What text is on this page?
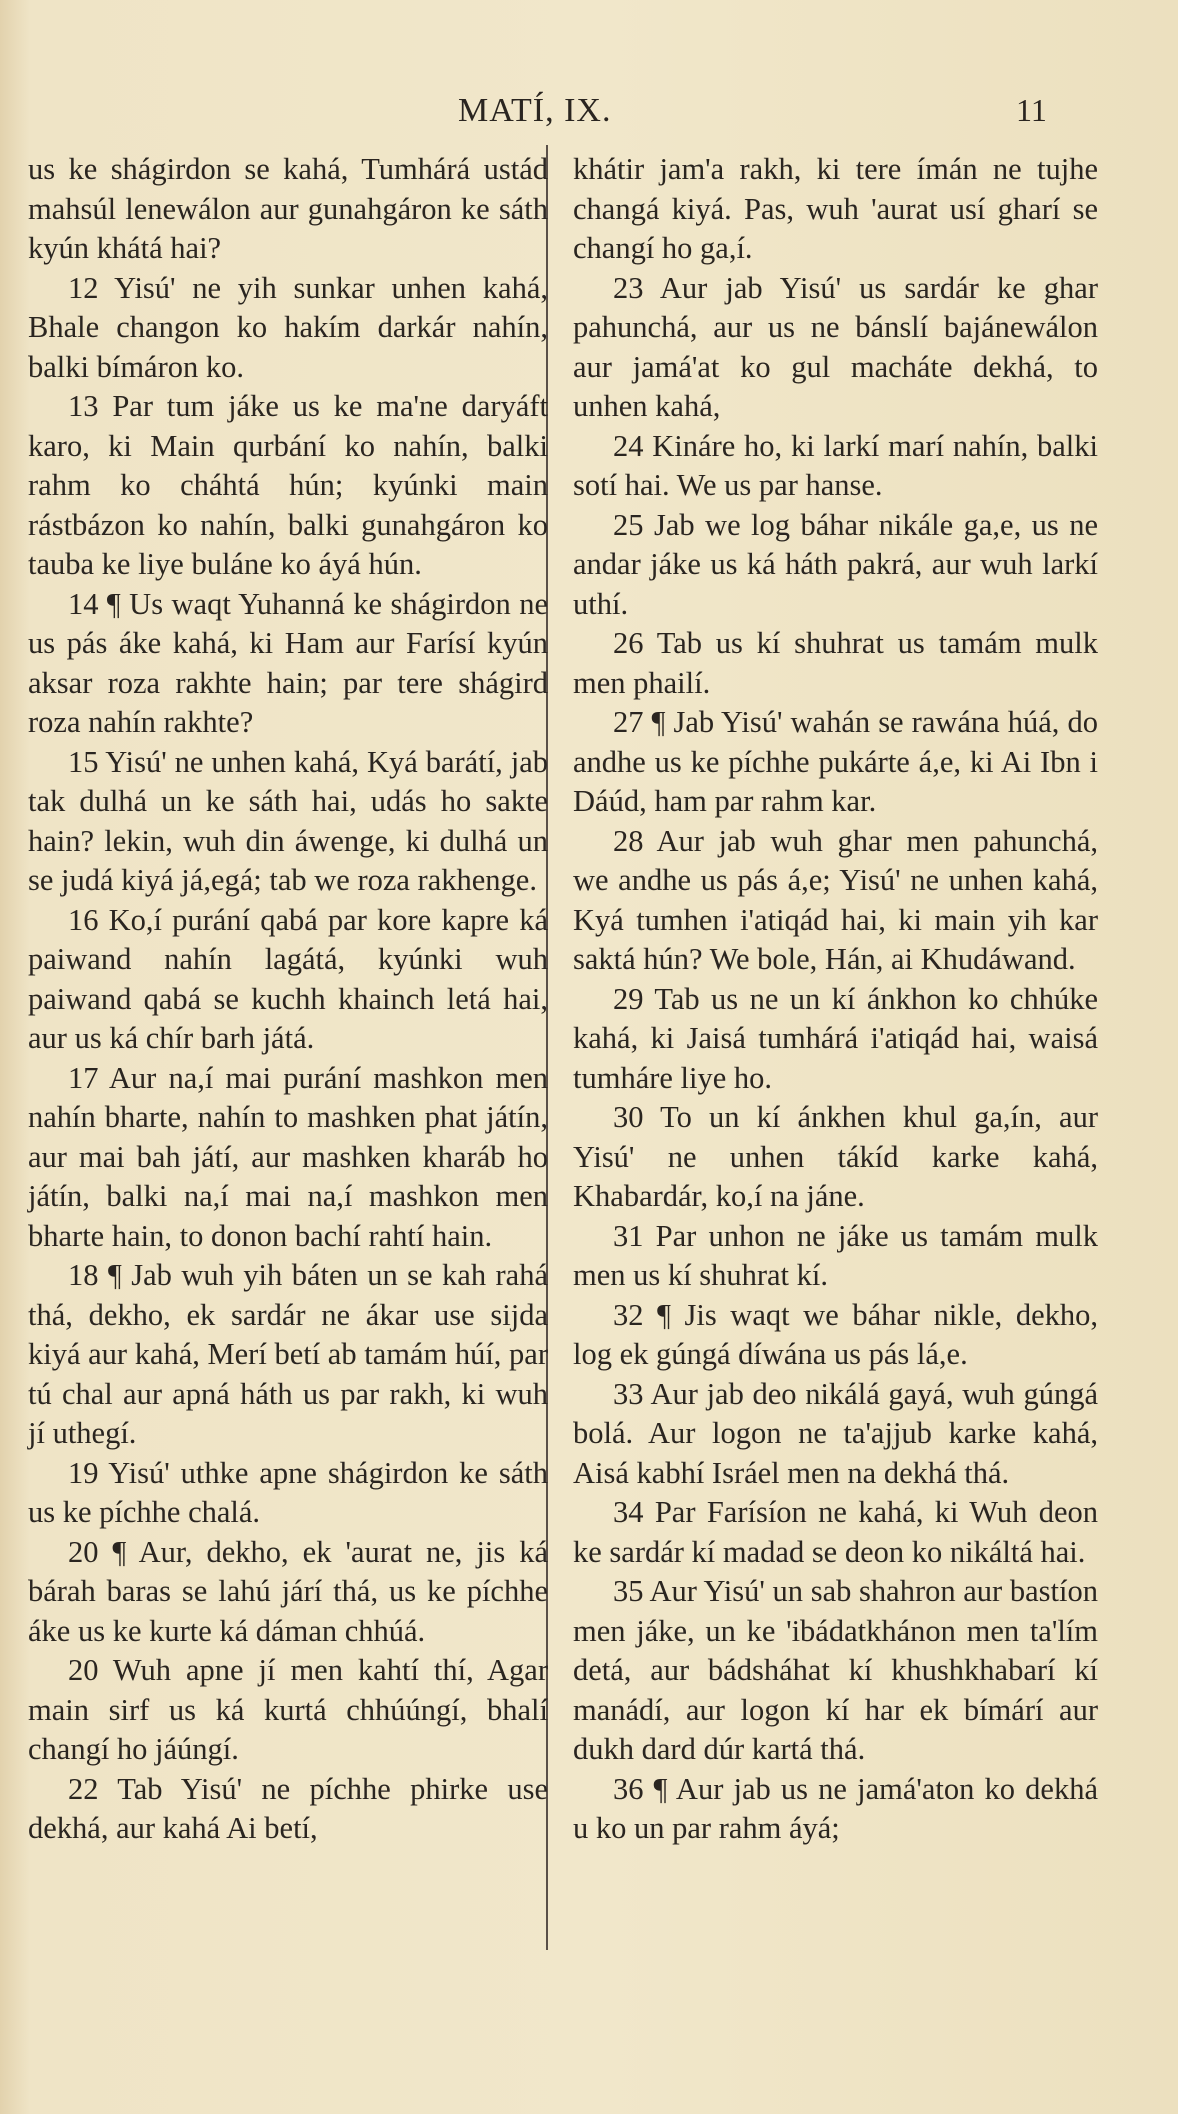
MATÍ, IX.	11

us ke shágirdon se kahá, Tumhárá ustád mahsúl lenewálon aur gunahgáron ke sáth kyún khátá hai?

12 Yisú' ne yih sunkar unhen kahá, Bhale changon ko hakím darkár nahín, balki bímáron ko.

13 Par tum jáke us ke ma'ne daryáft karo, ki Main qurbání ko nahín, balki rahm ko cháhtá hún; kyúnki main rástbázon ko nahín, balki gunahgáron ko tauba ke liye buláne ko áyá hún.

14 ¶ Us waqt Yuhanná ke shágirdon ne us pás áke kahá, ki Ham aur Farísí kyún aksar roza rakhte hain; par tere shágird roza nahín rakhte?

15 Yisú' ne unhen kahá, Kyá barátí, jab tak dulhá un ke sáth hai, udás ho sakte hain? lekin, wuh din áwenge, ki dulhá un se judá kiyá já,egá; tab we roza rakhenge.

16 Ko,í purání qabá par kore kapre ká paiwand nahín lagátá, kyúnki wuh paiwand qabá se kuchh khainch letá hai, aur us ká chír barh játá.

17 Aur na,í mai purání mashkon men nahín bharte, nahín to mashken phat játín, aur mai bah játí, aur mashken kharáb ho játín, balki na,í mai na,í mashkon men bharte hain, to donon bachí rahtí hain.

18 ¶ Jab wuh yih báten un se kah rahá thá, dekho, ek sardár ne ákar use sijda kiyá aur kahá, Merí betí ab tamám húí, par tú chal aur apná háth us par rakh, ki wuh jí uthegí.

19 Yisú' uthke apne shágirdon ke sáth us ke píchhe chalá.

20 ¶ Aur, dekho, ek 'aurat ne, jis ká bárah baras se lahú járí thá, us ke píchhe áke us ke kurte ká dáman chhúá.

20 Wuh apne jí men kahtí thí, Agar main sirf us ká kurtá chhúúngí, bhalí changí ho jáúngí.

22 Tab Yisú' ne píchhe phirke use dekhá, aur kahá Ai betí,

khátir jam'a rakh, ki tere ímán ne tujhe changá kiyá. Pas, wuh 'aurat usí gharí se changí ho ga,í.

23 Aur jab Yisú' us sardár ke ghar pahunchá, aur us ne bánslí bajánewálon aur jamá'at ko gul macháte dekhá, to unhen kahá,

24 Kináre ho, ki larkí marí nahín, balki sotí hai. We us par hanse.

25 Jab we log báhar nikále ga,e, us ne andar jáke us ká háth pakrá, aur wuh larkí uthí.

26 Tab us kí shuhrat us tamám mulk men phailí.

27 ¶ Jab Yisú' wahán se rawána húá, do andhe us ke píchhe pukárte á,e, ki Ai Ibn i Dáúd, ham par rahm kar.

28 Aur jab wuh ghar men pahunchá, we andhe us pás á,e; Yisú' ne unhen kahá, Kyá tumhen i'atiqád hai, ki main yih kar saktá hún? We bole, Hán, ai Khudáwand.

29 Tab us ne un kí ánkhon ko chhúke kahá, ki Jaisá tumhárá i'atiqád hai, waisá tumháre liye ho.

30 To un kí ánkhen khul ga,ín, aur Yisú' ne unhen tákíd karke kahá, Khabardár, ko,í na jáne.

31 Par unhon ne jáke us tamám mulk men us kí shuhrat kí.

32 ¶ Jis waqt we báhar nikle, dekho, log ek gúngá díwána us pás lá,e.

33 Aur jab deo nikálá gayá, wuh gúngá bolá. Aur logon ne ta'ajjub karke kahá, Aisá kabhí Isráel men na dekhá thá.

34 Par Farísíon ne kahá, ki Wuh deon ke sardár kí madad se deon ko nikáltá hai.

35 Aur Yisú' un sab shahron aur bastíon men jáke, un ke 'ibádatkhánon men ta'lím detá, aur bádsháhat kí khushkhabarí kí manádí, aur logon kí har ek bímárí aur dukh dard dúr kartá thá.

36 ¶ Aur jab us ne jamá'aton ko dekhá u ko un par rahm áyá;
